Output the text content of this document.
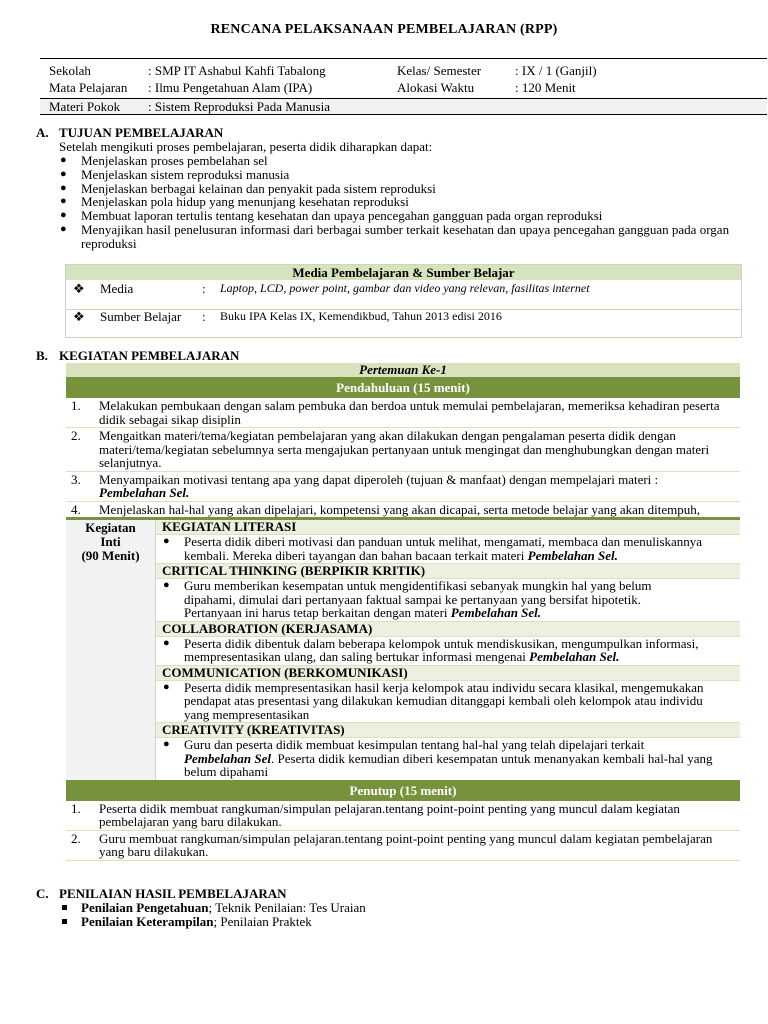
RENCANA PELAKSANAAN PEMBELAJARAN (RPP)
Sekolah	: SMP IT Ashabul Kahfi Tabalong	Kelas/ Semester	: IX / 1 (Ganjil)
Mata Pelajaran : Ilmu Pengetahuan Alam (IPA)	Alokasi Waktu	: 120 Menit
Materi Pokok : Sistem Reproduksi Pada Manusia
A. TUJUAN PEMBELAJARAN
Setelah mengikuti proses pembelajaran, peserta didik diharapkan dapat:
● Menjelaskan proses pembelahan sel
● Menjelaskan sistem reproduksi manusia
● Menjelaskan berbagai kelainan dan penyakit pada sistem reproduksi
● Menjelaskan pola hidup yang menunjang kesehatan reproduksi
● Membuat laporan tertulis tentang kesehatan dan upaya pencegahan gangguan pada organ reproduksi
● Menyajikan hasil penelusuran informasi dari berbagai sumber terkait kesehatan dan upaya pencegahan gangguan pada organ reproduksi
Media Pembelajaran & Sumber Belajar
❖ Media	: Laptop, LCD, power point, gambar dan video yang relevan, fasilitas internet
❖ Sumber Belajar : Buku IPA Kelas IX, Kemendikbud, Tahun 2013 edisi 2016
B. KEGIATAN PEMBELAJARAN
Pertemuan Ke-1
Pendahuluan (15 menit)
1. Melakukan pembukaan dengan salam pembuka dan berdoa untuk memulai pembelajaran, memeriksa kehadiran peserta didik sebagai sikap disiplin
2. Mengaitkan materi/tema/kegiatan pembelajaran yang akan dilakukan dengan pengalaman peserta didik dengan materi/tema/kegiatan sebelumnya serta mengajukan pertanyaan untuk mengingat dan menghubungkan dengan materi selanjutnya.
3. Menyampaikan motivasi tentang apa yang dapat diperoleh (tujuan & manfaat) dengan mempelajari materi :
Pembelahan Sel.
4. Menjelaskan hal-hal yang akan dipelajari, kompetensi yang akan dicapai, serta metode belajar yang akan ditempuh,
Kegiatan
Inti
(90 Menit)
KEGIATAN LITERASI
● Peserta didik diberi motivasi dan panduan untuk melihat, mengamati, membaca dan menuliskannya kembali. Mereka diberi tayangan dan bahan bacaan terkait materi Pembelahan Sel.
CRITICAL THINKING (BERPIKIR KRITIK)
● Guru memberikan kesempatan untuk mengidentifikasi sebanyak mungkin hal yang belum dipahami, dimulai dari pertanyaan faktual sampai ke pertanyaan yang bersifat hipotetik. Pertanyaan ini harus tetap berkaitan dengan materi Pembelahan Sel.
COLLABORATION (KERJASAMA)
● Peserta didik dibentuk dalam beberapa kelompok untuk mendiskusikan, mengumpulkan informasi, mempresentasikan ulang, dan saling bertukar informasi mengenai Pembelahan Sel.
COMMUNICATION (BERKOMUNIKASI)
● Peserta didik mempresentasikan hasil kerja kelompok atau individu secara klasikal, mengemukakan pendapat atas presentasi yang dilakukan kemudian ditanggapi kembali oleh kelompok atau individu yang mempresentasikan
CREATIVITY (KREATIVITAS)
● Guru dan peserta didik membuat kesimpulan tentang hal-hal yang telah dipelajari terkait
Pembelahan Sel. Peserta didik kemudian diberi kesempatan untuk menanyakan kembali hal-hal yang belum dipahami
Penutup (15 menit)
1. Peserta didik membuat rangkuman/simpulan pelajaran.tentang point-point penting yang muncul dalam kegiatan pembelajaran yang baru dilakukan.
2. Guru membuat rangkuman/simpulan pelajaran.tentang point-point penting yang muncul dalam kegiatan pembelajaran yang baru dilakukan.
C. PENILAIAN HASIL PEMBELAJARAN
Penilaian Pengetahuan; Teknik Penilaian: Tes Uraian
Penilaian Keterampilan; Penilaian Praktek
